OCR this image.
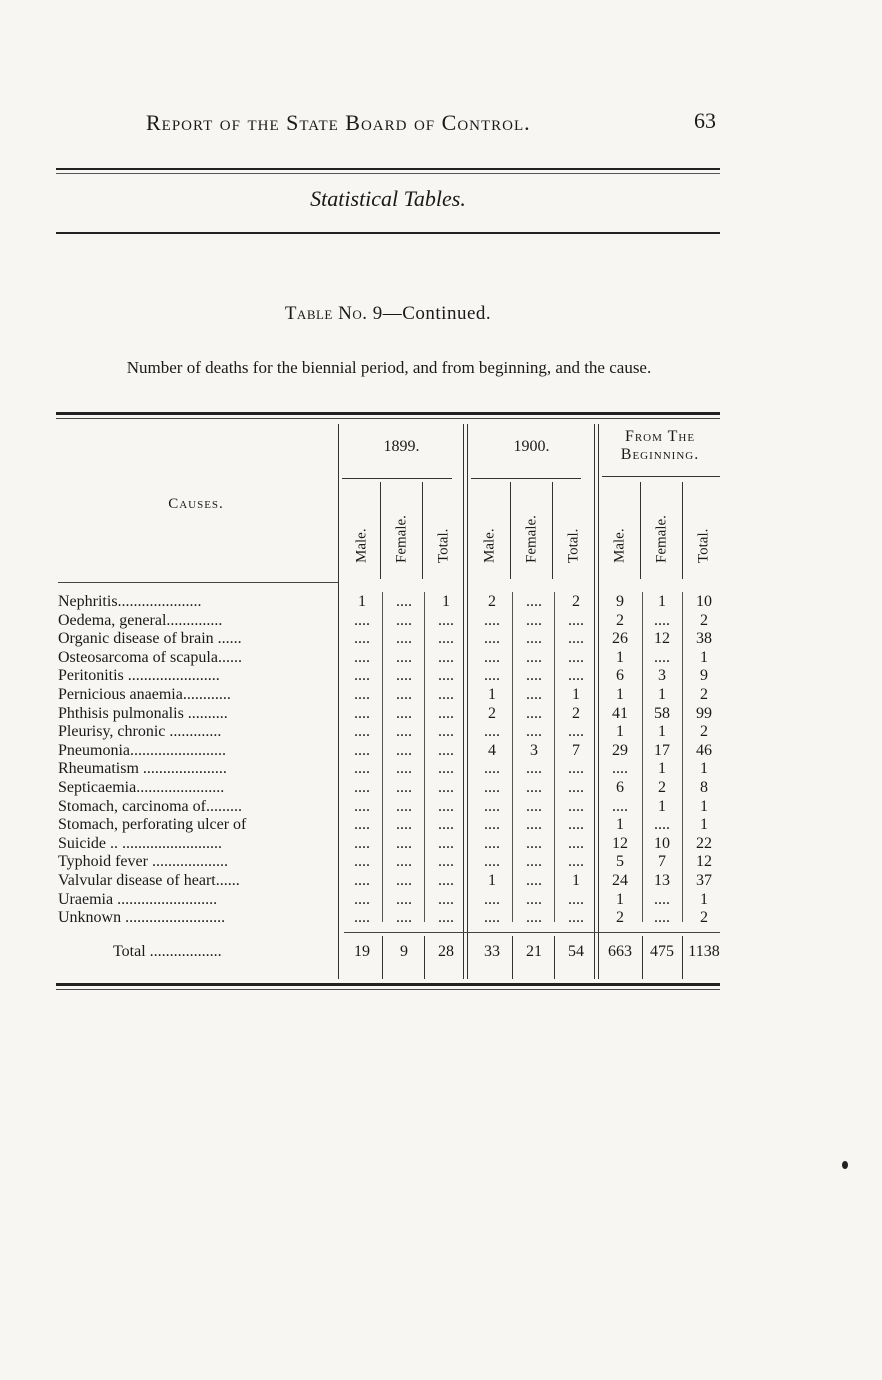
Report of the State Board of Control.	63
Statistical Tables.
Table No. 9—Continued.
Number of deaths for the biennial period, and from beginning, and the cause.
1899.	1900.
From The Beginning.
Causes.
Male. Female. Total. Male. Female. Total. Male. Female. Total.
Nephritis.....................	1	....	1	2	....	2	9	1	10
Oedema, general..............	....	....	....	....	....	....	2	....	2
Organic disease of brain ......	....	....	....	....	....	....	26	12	38
Osteosarcoma of scapula......	....	....	....	....	....	....	1	....	1
Peritonitis .......................	....	....	....	....	....	....	6	3	9
Pernicious anaemia............	....	....	....	1	....	1	1	1	2
Phthisis pulmonalis ..........	....	....	....	2	....	2	41	58	99
Pleurisy, chronic .............	....	....	....	....	....	....	1	1	2
Pneumonia........................	....	....	....	4	3	7	29	17	46
Rheumatism .....................	....	....	....	....	....	....	....	1	1
Septicaemia......................	....	....	....	....	....	....	6	2	8
Stomach, carcinoma of.........	....	....	....	....	....	....	....	1	1
Stomach, perforating ulcer of	....	....	....	....	....	....	1	....	1
Suicide .. .........................	....	....	....	....	....	....	12	10	22
Typhoid fever ...................	....	....	....	....	....	....	5	7	12
Valvular disease of heart......	....	....	....	1	....	1	24	13	37
Uraemia .........................	....	....	....	....	....	....	1	....	1
Unknown .........................	....	....	....	....	....	....	2	....	2
Total ..................	19	9	28	33	21	54	663	475 1138
